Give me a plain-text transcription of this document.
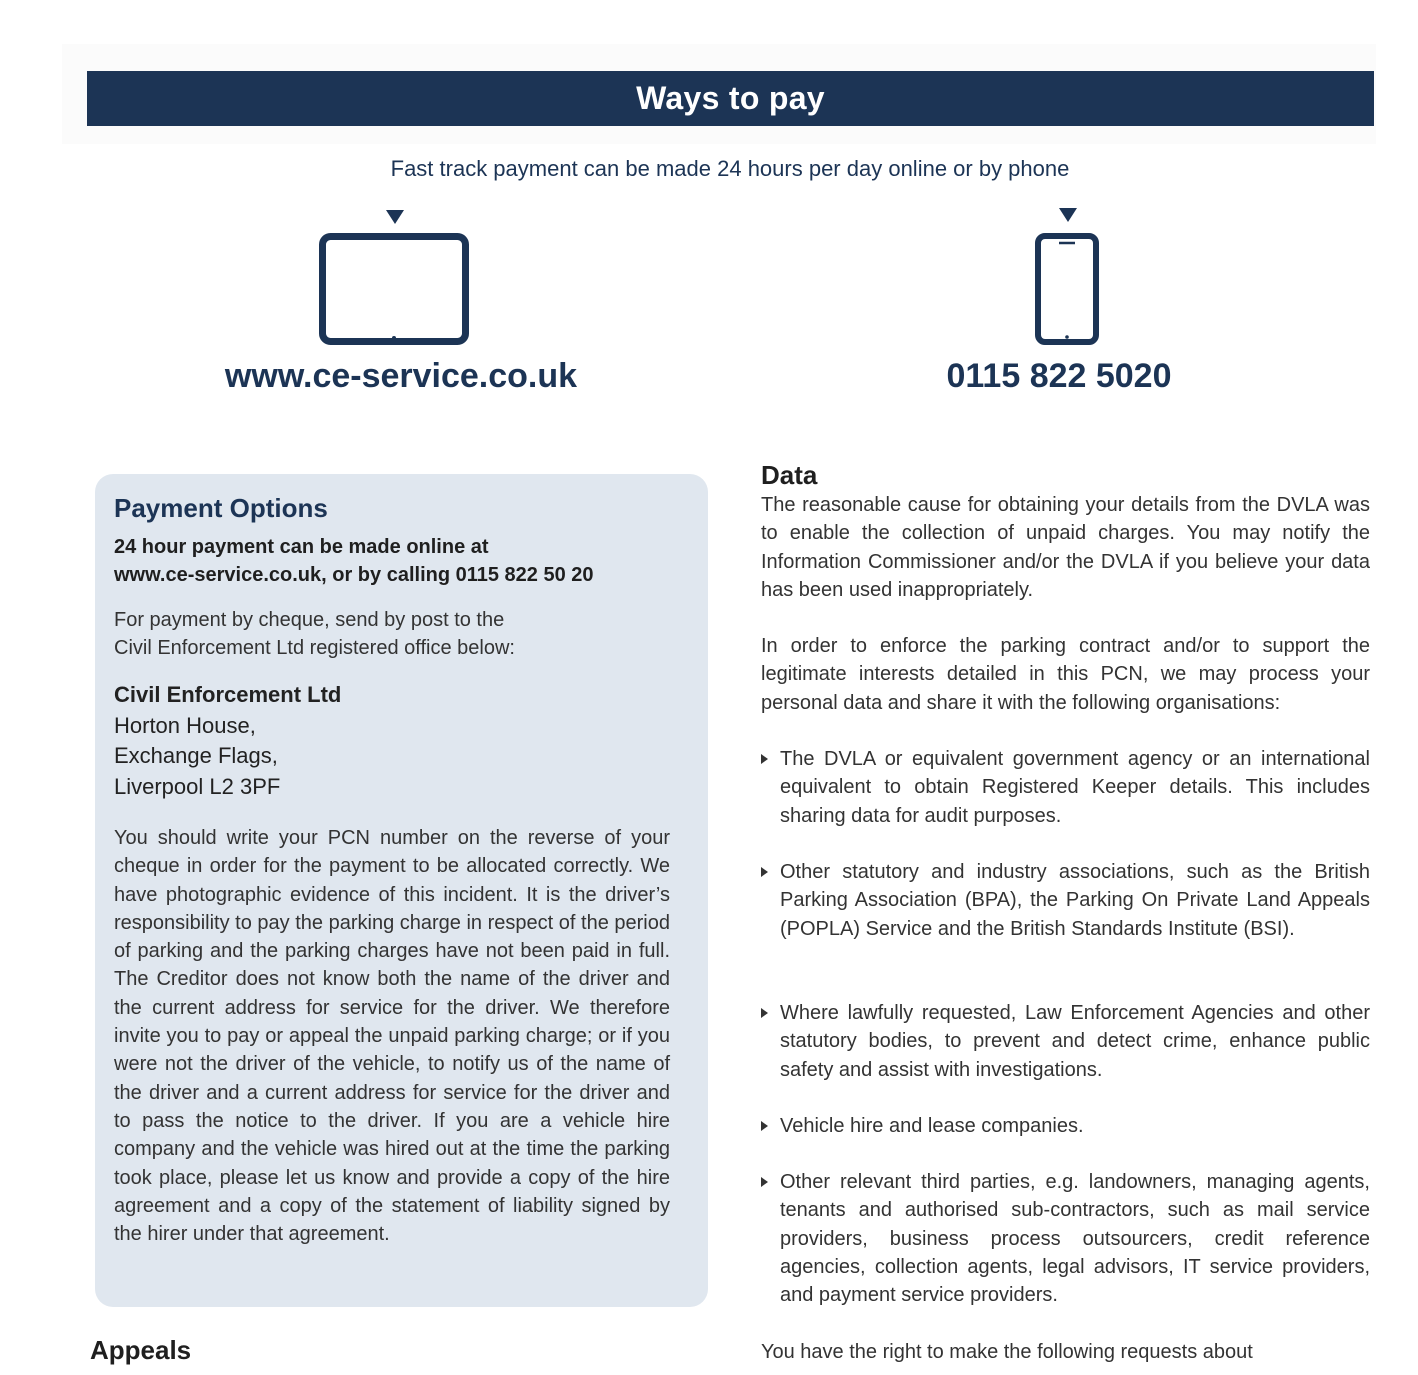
Ways to pay
Fast track payment can be made 24 hours per day online or by phone
www.ce-service.co.uk	0115 822 5020
Payment Options
24 hour payment can be made online at
www.ce-service.co.uk, or by calling 0115 822 50 20
For payment by cheque, send by post to the
Civil Enforcement Ltd registered office below:
Civil Enforcement Ltd
Horton House,
Exchange Flags,
Liverpool L2 3PF
You should write your PCN number on the reverse of your cheque in order for the payment to be allocated correctly. We have photographic evidence of this incident. It is the driver’s responsibility to pay the parking charge in respect of the period of parking and the parking charges have not been paid in full. The Creditor does not know both the name of the driver and the current address for service for the driver. We therefore invite you to pay or appeal the unpaid parking charge; or if you were not the driver of the vehicle, to notify us of the name of the driver and a current address for service for the driver and to pass the notice to the driver. If you are a vehicle hire company and the vehicle was hired out at the time the parking took place, please let us know and provide a copy of the hire agreement and a copy of the statement of liability signed by the hirer under that agreement.
Appeals
Data
The reasonable cause for obtaining your details from the DVLA was to enable the collection of unpaid charges. You may notify the Information Commissioner and/or the DVLA if you believe your data has been used inappropriately.
In order to enforce the parking contract and/or to support the legitimate interests detailed in this PCN, we may process your personal data and share it with the following organisations:
The DVLA or equivalent government agency or an international equivalent to obtain Registered Keeper details. This includes sharing data for audit purposes.
Other statutory and industry associations, such as the British Parking Association (BPA), the Parking On Private Land Appeals (POPLA) Service and the British Standards Institute (BSI).
Where lawfully requested, Law Enforcement Agencies and other statutory bodies, to prevent and detect crime, enhance public safety and assist with investigations.
Vehicle hire and lease companies.
Other relevant third parties, e.g. landowners, managing agents, tenants and authorised sub-contractors, such as mail service providers, business process outsourcers, credit reference agencies, collection agents, legal advisors, IT service providers, and payment service providers.
You have the right to make the following requests about
